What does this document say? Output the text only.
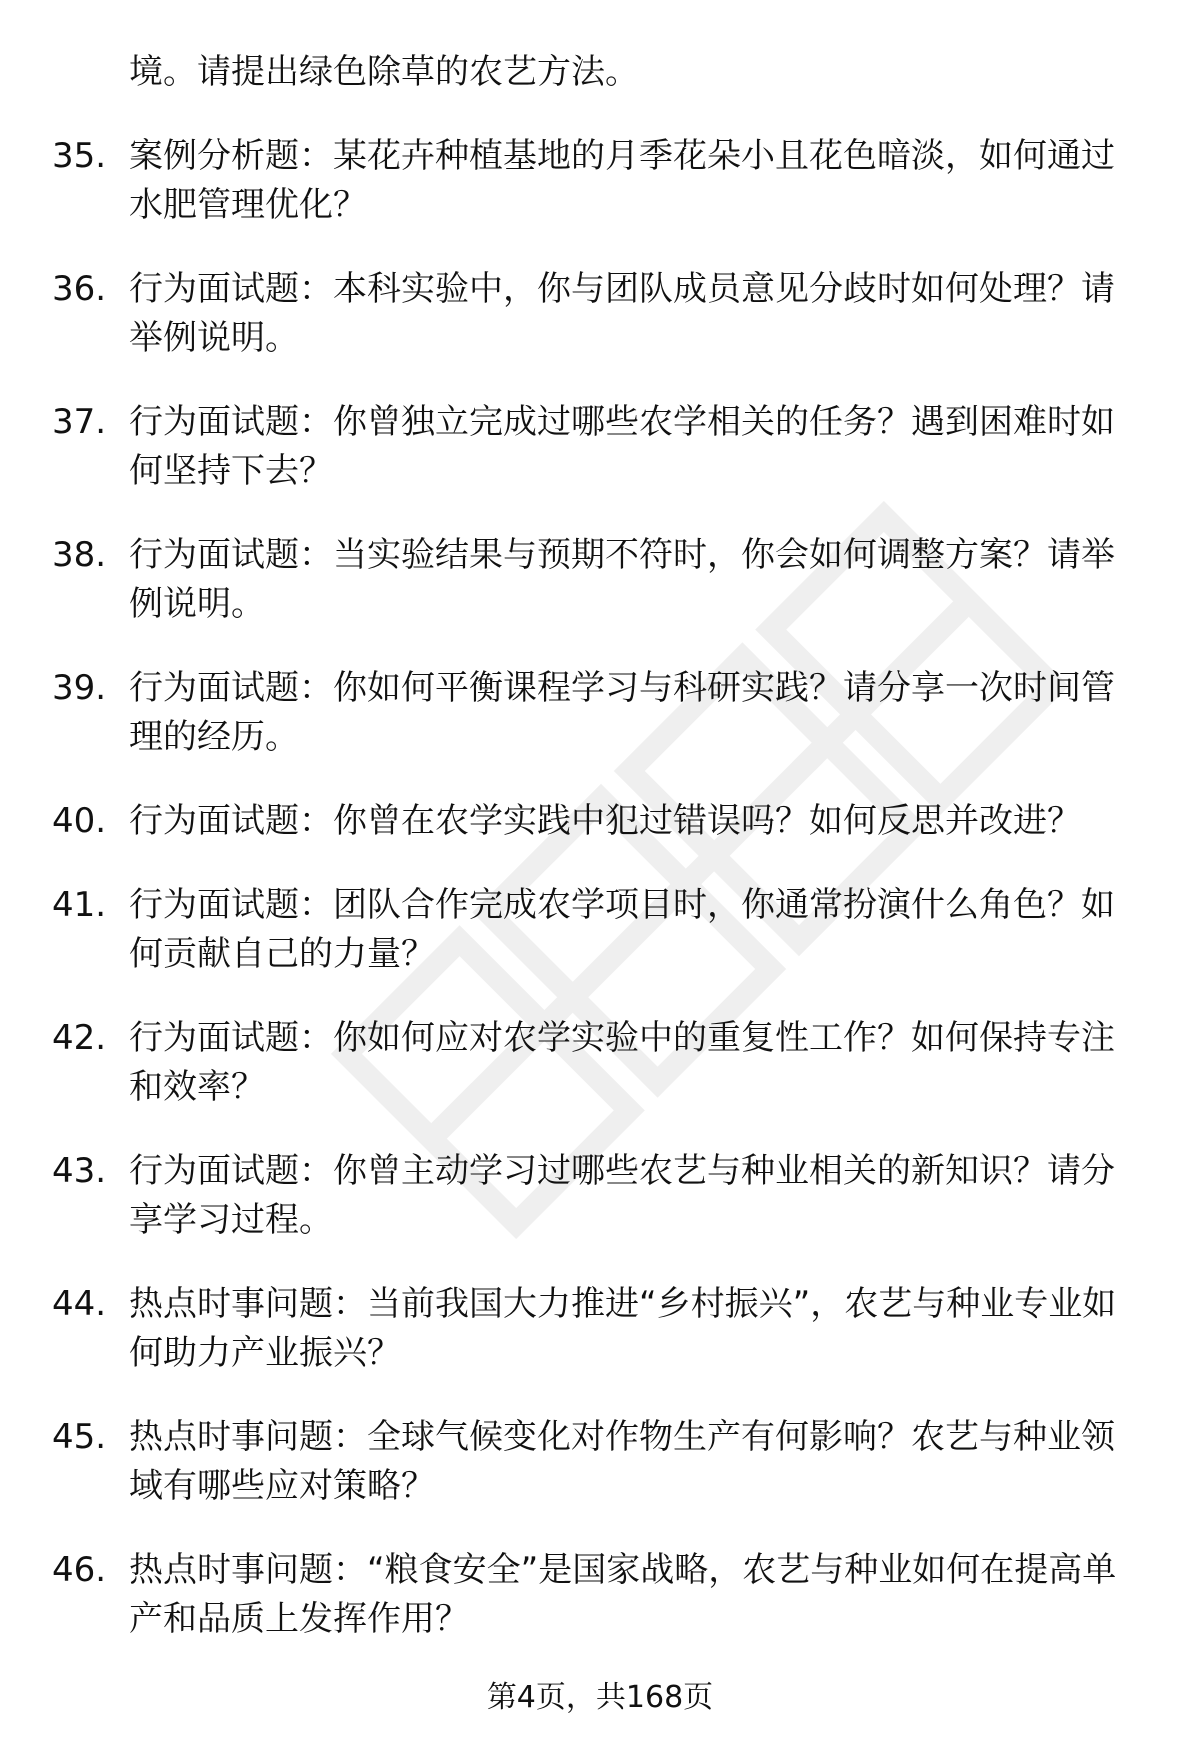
境。请提出绿色除草的农艺方法。
35. 案例分析题：某花卉种植基地的月季花朵小且花色暗淡，如何通过水肥管理优化？
36. 行为面试题：本科实验中，你与团队成员意见分歧时如何处理？请举例说明。
37. 行为面试题：你曾独立完成过哪些农学相关的任务？遇到困难时如何坚持下去？
38. 行为面试题：当实验结果与预期不符时，你会如何调整方案？请举例说明。
39. 行为面试题：你如何平衡课程学习与科研实践？请分享一次时间管理的经历。
40. 行为面试题：你曾在农学实践中犯过错误吗？如何反思并改进？
41. 行为面试题：团队合作完成农学项目时，你通常扮演什么角色？如何贡献自己的力量？
42. 行为面试题：你如何应对农学实验中的重复性工作？如何保持专注和效率？
43. 行为面试题：你曾主动学习过哪些农艺与种业相关的新知识？请分享学习过程。
44. 热点时事问题：当前我国大力推进“乡村振兴”，农艺与种业专业如何助力产业振兴？
45. 热点时事问题：全球气候变化对作物生产有何影响？农艺与种业领域有哪些应对策略？
46. 热点时事问题：“粮食安全”是国家战略，农艺与种业如何在提高单产和品质上发挥作用？
第4页，共168页
